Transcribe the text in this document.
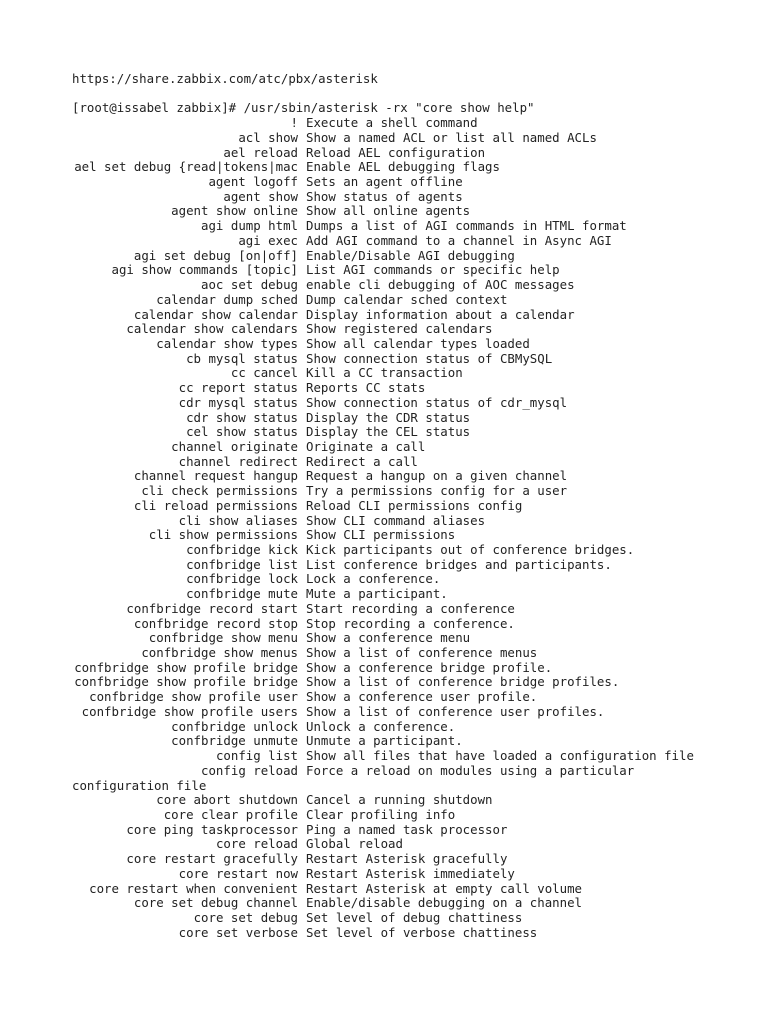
https://share.zabbix.com/atc/pbx/asterisk
[root@issabel zabbix]# /usr/sbin/asterisk -rx "core show help"
! Execute a shell command
acl show Show a named ACL or list all named ACLs
ael reload Reload AEL configuration
ael set debug {read|tokens|mac Enable AEL debugging flags
agent logoff Sets an agent offline
agent show Show status of agents
agent show online Show all online agents
agi dump html Dumps a list of AGI commands in HTML format
agi exec Add AGI command to a channel in Async AGI
agi set debug [on|off] Enable/Disable AGI debugging
agi show commands [topic] List AGI commands or specific help
aoc set debug enable cli debugging of AOC messages
calendar dump sched Dump calendar sched context
calendar show calendar Display information about a calendar
calendar show calendars Show registered calendars
calendar show types Show all calendar types loaded
cb mysql status Show connection status of CBMySQL
cc cancel Kill a CC transaction
cc report status Reports CC stats
cdr mysql status Show connection status of cdr_mysql
cdr show status Display the CDR status
cel show status Display the CEL status
channel originate Originate a call
channel redirect Redirect a call
channel request hangup Request a hangup on a given channel
cli check permissions Try a permissions config for a user
cli reload permissions Reload CLI permissions config
cli show aliases Show CLI command aliases
cli show permissions Show CLI permissions
confbridge kick Kick participants out of conference bridges.
confbridge list List conference bridges and participants.
confbridge lock Lock a conference.
confbridge mute Mute a participant.
confbridge record start Start recording a conference
confbridge record stop Stop recording a conference.
confbridge show menu Show a conference menu
confbridge show menus Show a list of conference menus
confbridge show profile bridge Show a conference bridge profile.
confbridge show profile bridge Show a list of conference bridge profiles.
confbridge show profile user Show a conference user profile.
confbridge show profile users Show a list of conference user profiles.
confbridge unlock Unlock a conference.
confbridge unmute Unmute a participant.
config list Show all files that have loaded a configuration file
config reload Force a reload on modules using a particular
configuration file
core abort shutdown Cancel a running shutdown
core clear profile Clear profiling info
core ping taskprocessor Ping a named task processor
core reload Global reload
core restart gracefully Restart Asterisk gracefully
core restart now Restart Asterisk immediately
core restart when convenient Restart Asterisk at empty call volume
core set debug channel Enable/disable debugging on a channel
core set debug Set level of debug chattiness
core set verbose Set level of verbose chattiness
